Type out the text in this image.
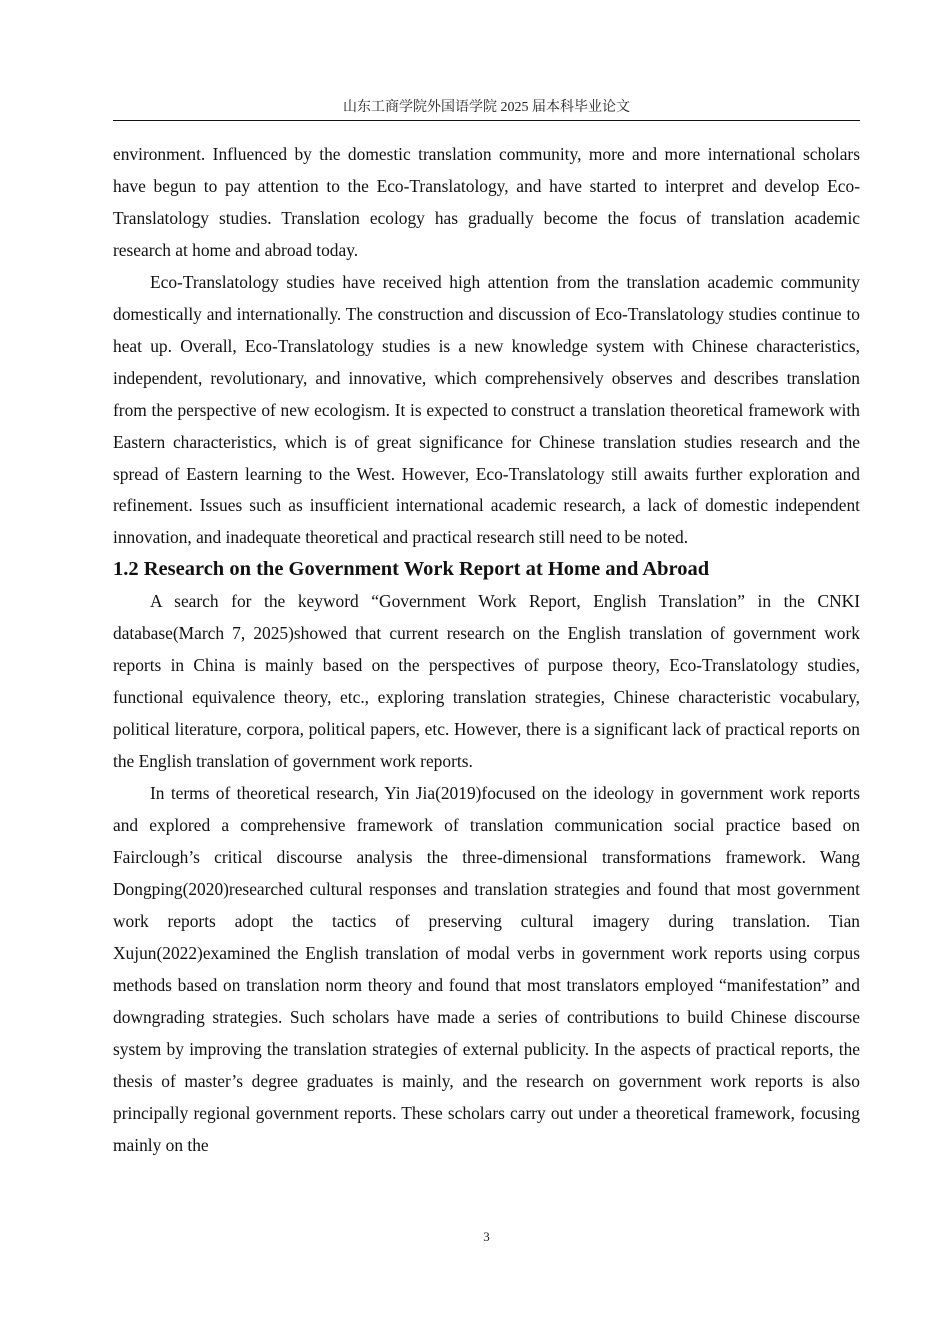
山东工商学院外国语学院 2025 届本科毕业论文

environment. Influenced by the domestic translation community, more and more international scholars have begun to pay attention to the Eco-Translatology, and have started to interpret and develop Eco-Translatology studies. Translation ecology has gradually become the focus of translation academic research at home and abroad today.

Eco-Translatology studies have received high attention from the translation academic community domestically and internationally. The construction and discussion of Eco-Translatology studies continue to heat up. Overall, Eco-Translatology studies is a new knowledge system with Chinese characteristics, independent, revolutionary, and innovative, which comprehensively observes and describes translation from the perspective of new ecologism. It is expected to construct a translation theoretical framework with Eastern characteristics, which is of great significance for Chinese translation studies research and the spread of Eastern learning to the West. However, Eco-Translatology still awaits further exploration and refinement. Issues such as insufficient international academic research, a lack of domestic independent innovation, and inadequate theoretical and practical research still need to be noted.

1.2 Research on the Government Work Report at Home and Abroad

A search for the keyword “Government Work Report, English Translation” in the CNKI database(March 7, 2025)showed that current research on the English translation of government work reports in China is mainly based on the perspectives of purpose theory, Eco-Translatology studies, functional equivalence theory, etc., exploring translation strategies, Chinese characteristic vocabulary, political literature, corpora, political papers, etc. However, there is a significant lack of practical reports on the English translation of government work reports.

In terms of theoretical research, Yin Jia(2019)focused on the ideology in government work reports and explored a comprehensive framework of translation communication social practice based on Fairclough’s critical discourse analysis the three-dimensional transformations framework. Wang Dongping(2020)researched cultural responses and translation strategies and found that most government work reports adopt the tactics of preserving cultural imagery during translation. Tian Xujun(2022)examined the English translation of modal verbs in government work reports using corpus methods based on translation norm theory and found that most translators employed “manifestation” and downgrading strategies. Such scholars have made a series of contributions to build Chinese discourse system by improving the translation strategies of external publicity. In the aspects of practical reports, the thesis of master’s degree graduates is mainly, and the research on government work reports is also principally regional government reports. These scholars carry out under a theoretical framework, focusing mainly on the

3
